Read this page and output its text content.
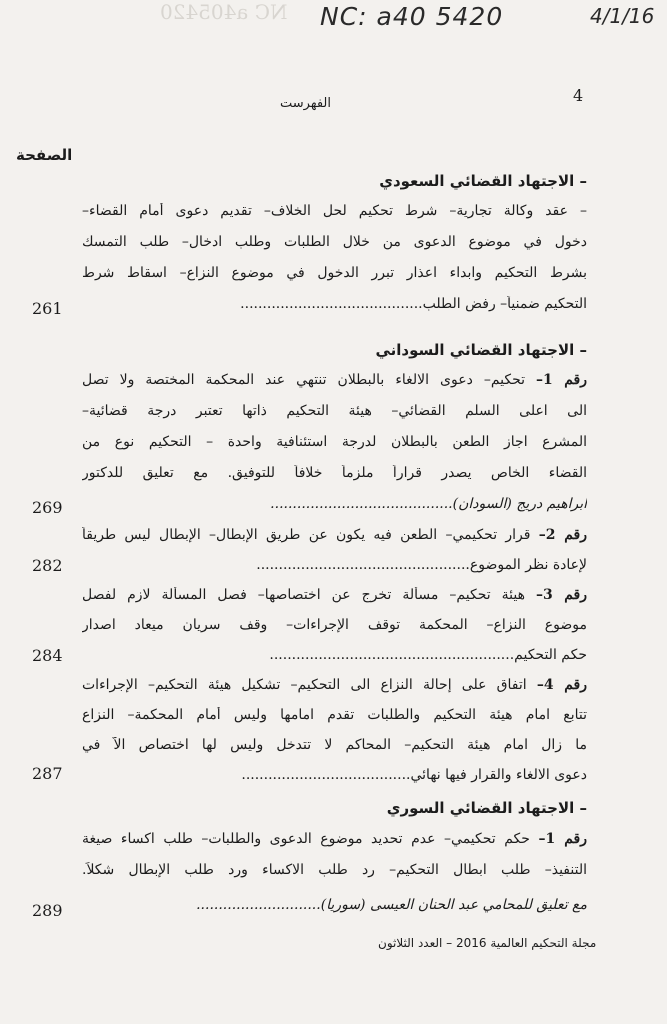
NC a405420 NC: a40 5420	4/1/16
4
الفهرست
الصفحة
– الاجتهاد القضائي السعودي
– عقد وكالة تجارية– شرط تحكيم لحل الخلاف– تقديم دعوى أمام القضاء–
دخول في موضوع الدعوى من خلال الطلبات وطلب ادخال– طلب التمسك
بشرط التحكيم وابداء اعذار تبرر الدخول في موضوع النزاع– اسقاط شرط
التحكيم ضمنياً– رفض الطلب.........................................
261
– الاجتهاد القضائي السوداني
رقم 1– تحكيم– دعوى الالغاء بالبطلان تنتهي عند المحكمة المختصة ولا تصل
الى اعلى السلم القضائي– هيئة التحكيم ذاتها تعتبر درجة قضائية–
المشرع اجاز الطعن بالبطلان لدرجة استئنافية واحدة – التحكيم نوع من
القضاء الخاص يصدر قراراً ملزماً خلافاً للتوفيق. مع تعليق للدكتور
ابراهيم دريج (السودان).........................................
269
رقم 2– قرار تحكيمي– الطعن فيه يكون عن طريق الإبطال– الإبطال ليس طريقاً
لإعادة نظر الموضوع................................................
282
رقم 3– هيئة تحكيم– مسألة تخرج عن اختصاصها– فصل المسألة لازم لفصل
موضوع النزاع– المحكمة توقف الإجراءات– وقف سريان ميعاد اصدار
حكم التحكيم.......................................................
284
رقم 4– اتفاق على إحالة النزاع الى التحكيم– تشكيل هيئة التحكيم– الإجراءات
تتابع امام هيئة التحكيم والطلبات تقدم امامها وليس أمام المحكمة– النزاع
ما زال امام هيئة التحكيم– المحاكم لا تتدخل وليس لها اختصاص الاّ في
دعوى الالغاء والقرار فيها نهائي......................................
287
– الاجتهاد القضائي السوري
رقم 1– حكم تحكيمي– عدم تحديد موضوع الدعوى والطلبات– طلب اكساء صيغة
التنفيذ– طلب ابطال التحكيم– رد طلب الاكساء ورد طلب الإبطال شكلاً.
مع تعليق للمحامي عبد الحنان العيسى (سوريا)............................
289
مجلة التحكيم العالمية 2016 – العدد الثلاثون
